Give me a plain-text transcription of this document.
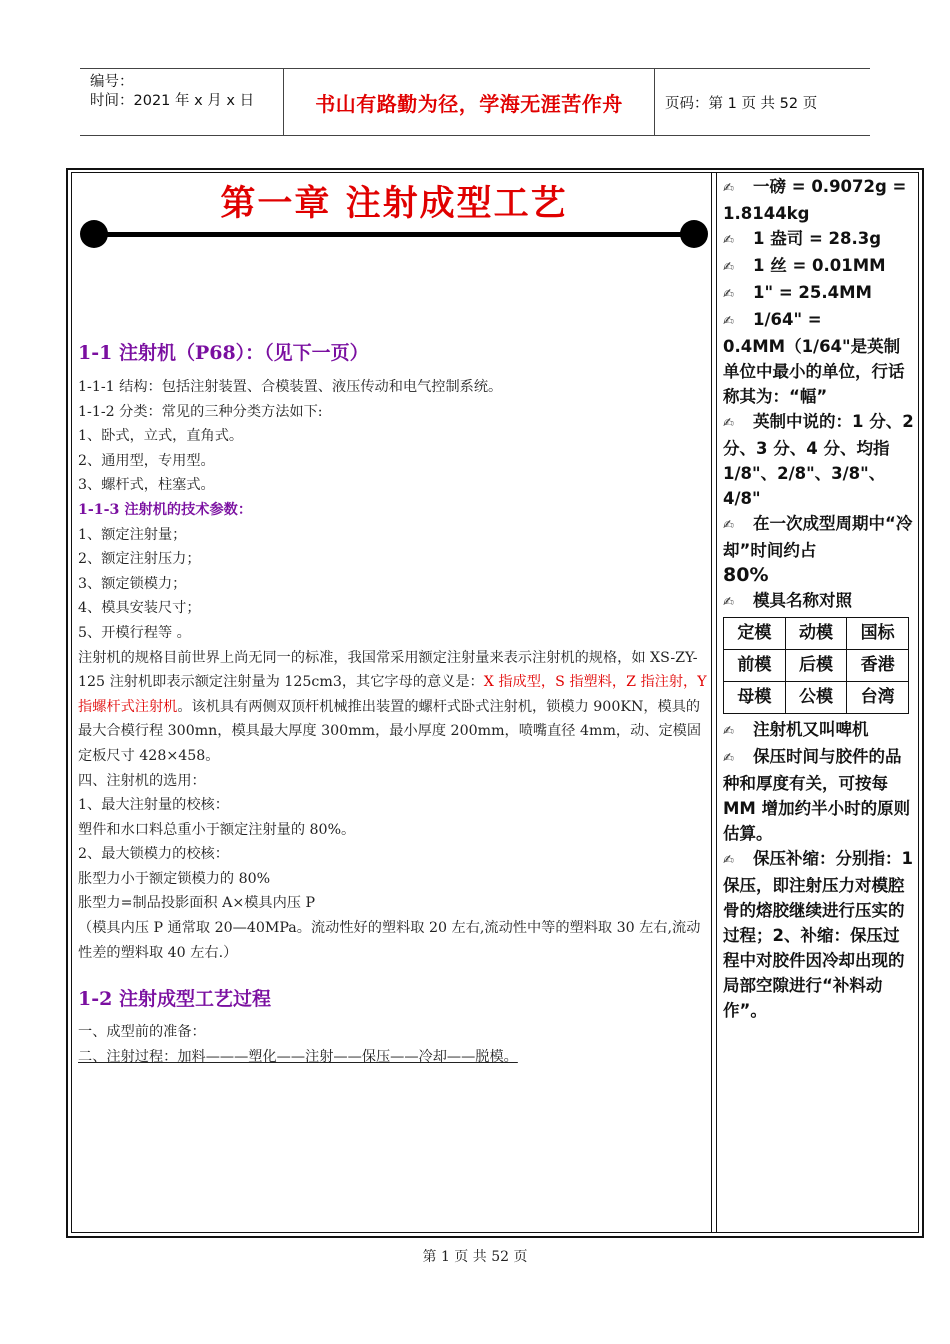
编号：
时间：2021 年 x 月 x 日	书山有路勤为径，学海无涯苦作舟	页码：第 1 页 共 52 页
第一章 注射成型工艺
1-1 注射机（P68）：（见下一页）

1-1-1 结构：包括注射装置、合模装置、液压传动和电气控制系统。

1-1-2 分类：常见的三种分类方法如下:

1、卧式，立式，直角式。

2、通用型，专用型。

3、螺杆式，柱塞式。

1-1-3 注射机的技术参数：

1、额定注射量；

2、额定注射压力；

3、额定锁模力；

4、模具安装尺寸；

5、开模行程等 。

注射机的规格目前世界上尚无同一的标准，我国常采用额定注射量来表示注射机的规格，如 XS-ZY-125 注射机即表示额定注射量为 125cm3，其它字母的意义是：X 指成型，S 指塑料，Z 指注射，Y 指螺杆式注射机。该机具有两侧双顶杆机械推出装置的螺杆式卧式注射机，锁模力 900KN，模具的最大合模行程 300mn，模具最大厚度 300mm，最小厚度 200mm，喷嘴直径 4mm，动、定模固定板尺寸 428×458。

四、注射机的选用：

1、最大注射量的校核：

塑件和水口料总重小于额定注射量的 80%。

2、最大锁模力的校核：

胀型力小于额定锁模力的 80%

胀型力=制品投影面积 A×模具内压 P

（模具内压 P 通常取 20—40MPa。流动性好的塑料取 20 左右,流动性中等的塑料取 30 左右,流动性差的塑料取 40 左右.）

1-2 注射成型工艺过程

一、成型前的准备：

二、注射过程：加料———塑化——注射——保压——冷却——脱模。

✍ 一磅 = 0.9072g = 1.8144kg

✍ 1 盎司 = 28.3g

✍ 1 丝 = 0.01MM

✍ 1" = 25.4MM

✍ 1/64" =

0.4MM（1/64"是英制单位中最小的单位，行话称其为：“幅”

✍ 英制中说的：1 分、2 分、3 分、4 分、均指

1/8"、2/8"、3/8"、4/8"

✍ 在一次成型周期中“冷却”时间约占

80%

✍ 模具名称对照

定模	动模	国标
前模	后模	香港
母模	公模	台湾

✍ 注射机又叫啤机

✍ 保压时间与胶件的品种和厚度有关，可按每 MM 增加约半小时的原则估算。

✍ 保压补缩：分别指：1 保压，即注射压力对模腔骨的熔胶继续进行压实的过程；2、补缩：保压过程中对胶件因冷却出现的局部空隙进行“补料动作”。

第 1 页 共 52 页
